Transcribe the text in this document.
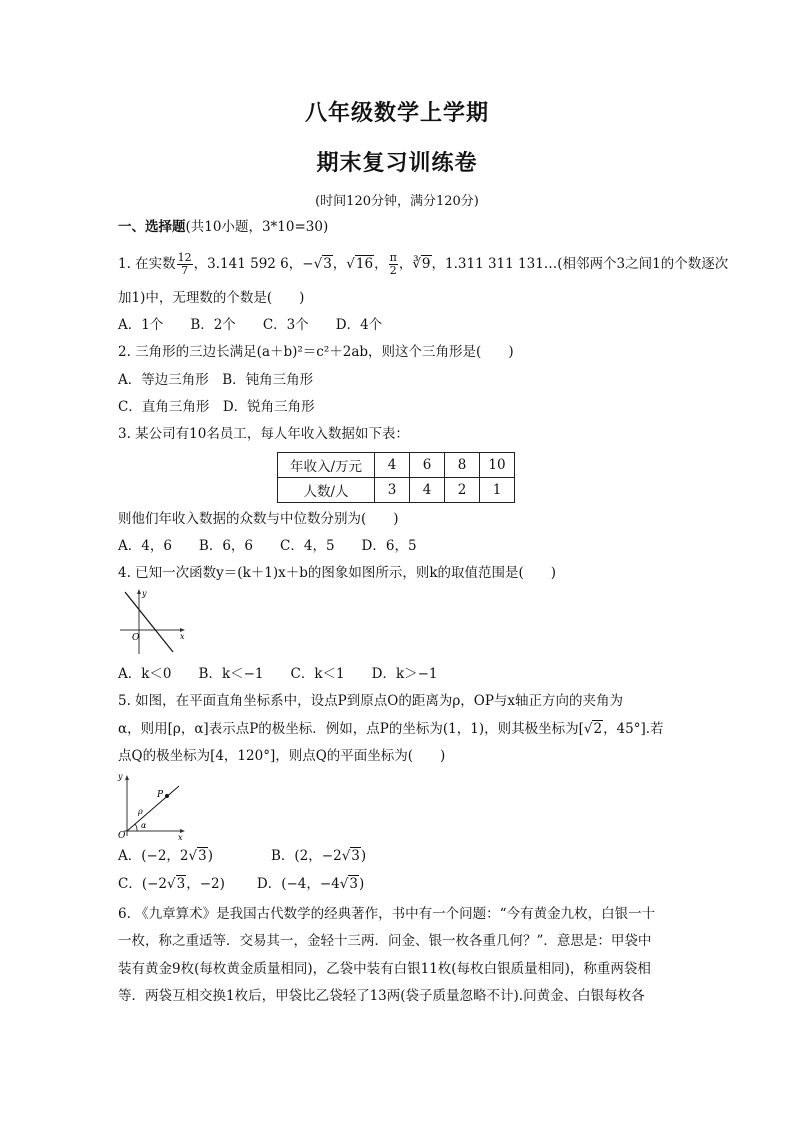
八年级数学上学期
期末复习训练卷
(时间120分钟，满分120分)
一、选择题(共10小题，3*10=30)
1. 在实数 $\frac{12}{7}$ ，3.141 592 6，−√3，√16， $\frac{\pi}{2}$ ，∛9，1.311 311 131…(相邻两个3之间1的个数逐次
加1)中，无理数的个数是(　　)
A．1个　　B．2个　　C．3个　　D．4个
2. 三角形的三边长满足(a＋b)²＝c²＋2ab，则这个三角形是(　　)
A．等边三角形　B．钝角三角形
C．直角三角形　D．锐角三角形
3. 某公司有10名员工，每人年收入数据如下表：
年收入/万元	4	6	8	10
人数/人	3	4	2	1
则他们年收入数据的众数与中位数分别为(　　)
A．4，6　　B．6，6　　C．4，5　　D．6，5
4. 已知一次函数y＝(k＋1)x＋b的图象如图所示，则k的取值范围是(　　)
y
x
O
A．k＜0　　B．k＜−1　　C．k＜1　　D．k＞−1
5. 如图，在平面直角坐标系中，设点P到原点O的距离为ρ，OP与x轴正方向的夹角为
α，则用[ρ，α]表示点P的极坐标．例如，点P的坐标为(1，1)，则其极坐标为[√2，45°].若
点Q的极坐标为[4，120°]，则点Q的平面坐标为(　　)
y
x
O
P
ρ
α
A．(−2，2√3)	B．(2，−2√3)
C．(−2√3，−2) D．(−4，−4√3)
6. 《九章算术》是我国古代数学的经典著作，书中有一个问题：“今有黄金九枚，白银一十
一枚，称之重适等．交易其一，金轻十三两．问金、银一枚各重几何？”．意思是：甲袋中
装有黄金9枚(每枚黄金质量相同)，乙袋中装有白银11枚(每枚白银质量相同)，称重两袋相
等．两袋互相交换1枚后，甲袋比乙袋轻了13两(袋子质量忽略不计).问黄金、白银每枚各
